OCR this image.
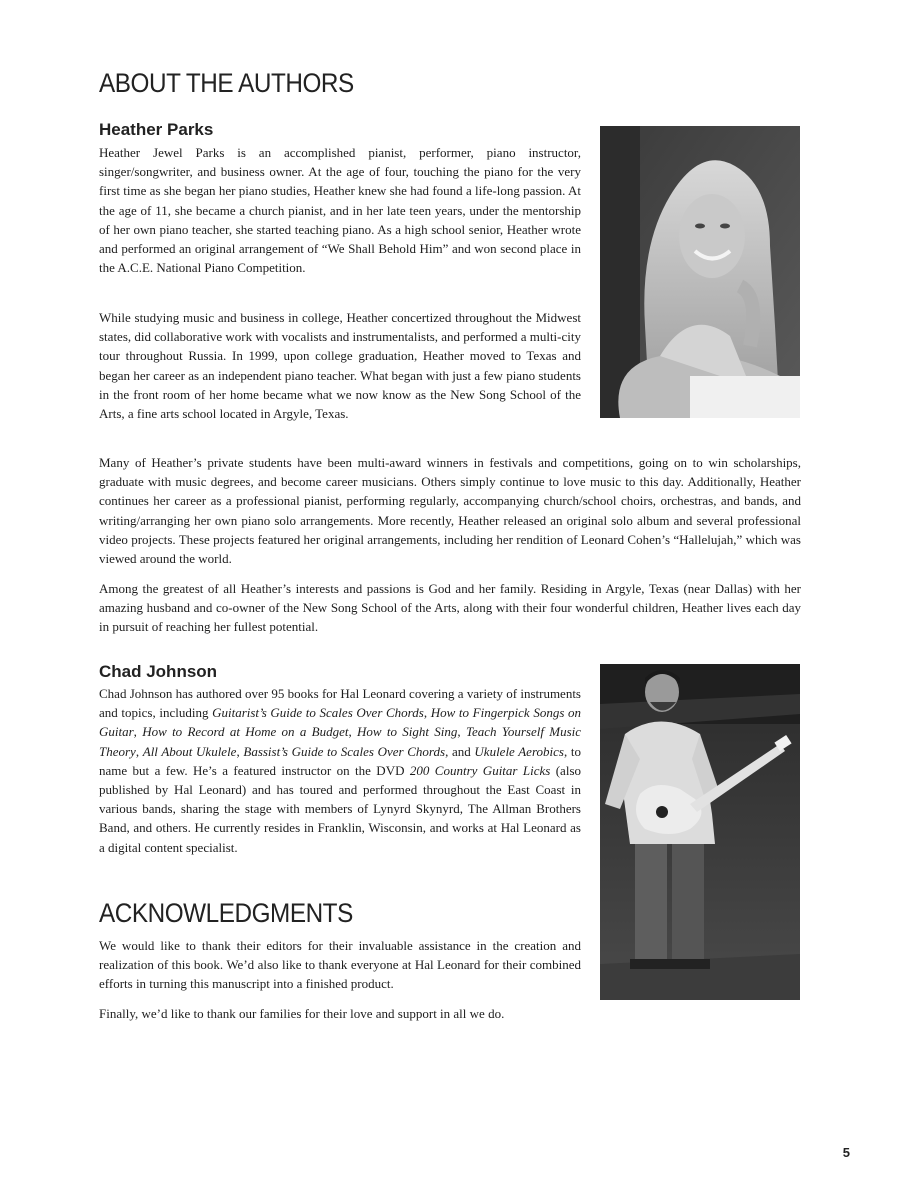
ABOUT THE AUTHORS
Heather Parks

Heather Jewel Parks is an accomplished pianist, performer, piano instructor, singer/songwriter, and business owner. At the age of four, touching the piano for the very first time as she began her piano studies, Heather knew she had found a life-long passion. At the age of 11, she became a church pianist, and in her late teen years, under the mentorship of her own piano teacher, she started teaching piano. As a high school senior, Heather wrote and performed an original arrangement of “We Shall Behold Him” and won second place in the A.C.E. National Piano Competition.

While studying music and business in college, Heather concertized throughout the Midwest states, did collaborative work with vocalists and instrumentalists, and performed a multi-city tour throughout Russia. In 1999, upon college graduation, Heather moved to Texas and began her career as an independent piano teacher. What began with just a few piano students in the front room of her home became what we now know as the New Song School of the Arts, a fine arts school located in Argyle, Texas.

Many of Heather’s private students have been multi-award winners in festivals and competitions, going on to win scholarships, graduate with music degrees, and become career musicians. Others simply continue to love music to this day. Additionally, Heather continues her career as a professional pianist, performing regularly, accompanying church/school choirs, orchestras, and bands, and writing/arranging her own piano solo arrangements. More recently, Heather released an original solo album and several professional video projects. These projects featured her original arrangements, including her rendition of Leonard Cohen’s “Hallelujah,” which was viewed around the world.

Among the greatest of all Heather’s interests and passions is God and her family. Residing in Argyle, Texas (near Dallas) with her amazing husband and co-owner of the New Song School of the Arts, along with their four wonderful children, Heather lives each day in pursuit of reaching her fullest potential.

Chad Johnson

Chad Johnson has authored over 95 books for Hal Leonard covering a variety of instruments and topics, including Guitarist’s Guide to Scales Over Chords, How to Fingerpick Songs on Guitar, How to Record at Home on a Budget, How to Sight Sing, Teach Yourself Music Theory, All About Ukulele, Bassist’s Guide to Scales Over Chords, and Ukulele Aerobics, to name but a few. He’s a featured instructor on the DVD 200 Country Guitar Licks (also published by Hal Leonard) and has toured and performed throughout the East Coast in various bands, sharing the stage with members of Lynyrd Skynyrd, The Allman Brothers Band, and others. He currently resides in Franklin, Wisconsin, and works at Hal Leonard as a digital content specialist.

ACKNOWLEDGMENTS

We would like to thank their editors for their invaluable assistance in the creation and realization of this book. We’d also like to thank everyone at Hal Leonard for their combined efforts in turning this manuscript into a finished product.

Finally, we’d like to thank our families for their love and support in all we do.

5
